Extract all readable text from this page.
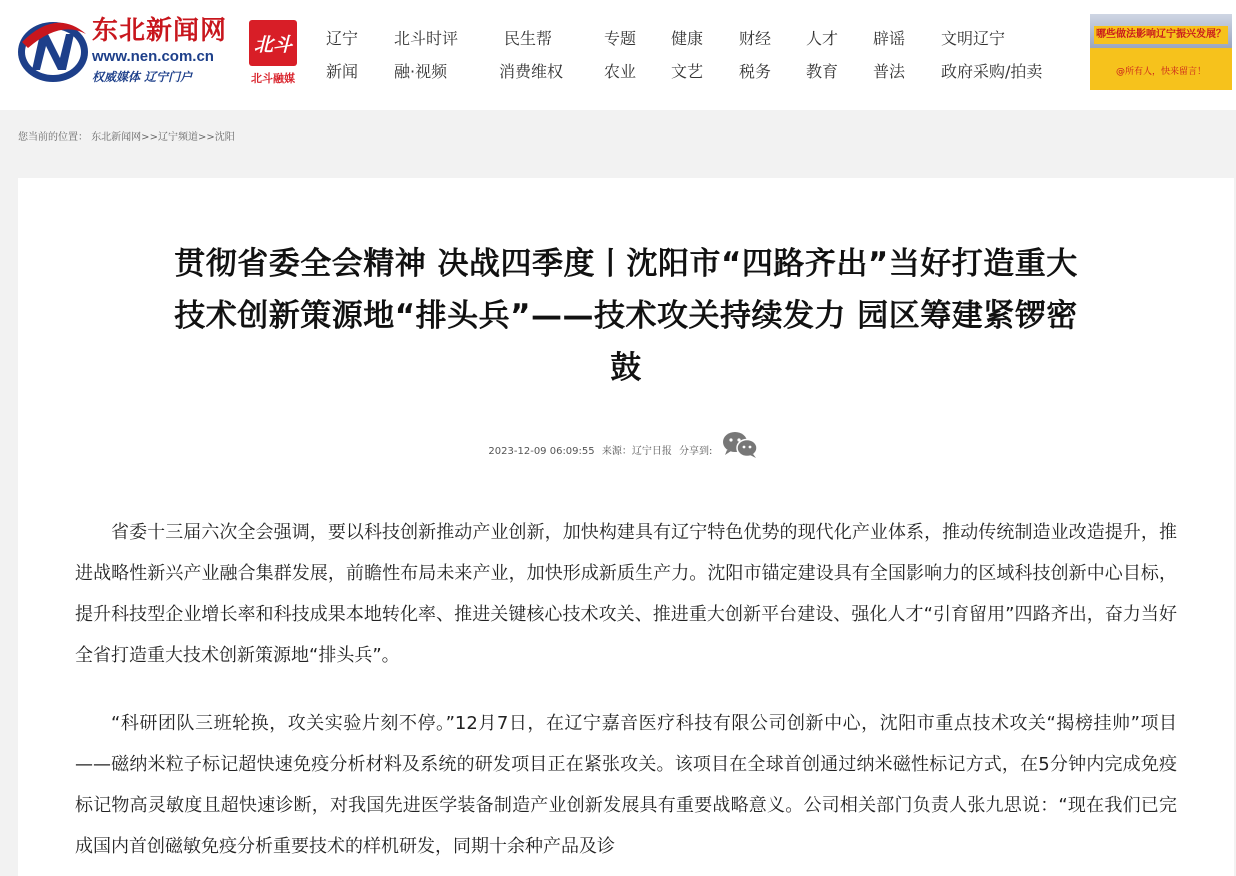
东北新闻网
www.nen.com.cn
权威媒体 辽宁门户
北斗
北斗融媒
辽宁 北斗时评	民生帮	专题 健康 财经 人才 辟谣 文明辽宁
新闻 融·视频	消费维权	农业 文艺 税务 教育 普法 政府采购/拍卖
哪些做法影响辽宁振兴发展？
@所有人，快来留言！
您当前的位置： 东北新闻网>>辽宁频道>>沈阳
贯彻省委全会精神 决战四季度丨沈阳市“四路齐出”当好打造重大
技术创新策源地“排头兵”——技术攻关持续发力 园区筹建紧锣密
鼓
2023-12-09 06:09:55 来源：辽宁日报 分享到:

省委十三届六次全会强调，要以科技创新推动产业创新，加快构建具有辽宁特色优势的现代化产业体系，推动传统制造业改造提升，推进战略性新兴产业融合集群发展，前瞻性布局未来产业，加快形成新质生产力。沈阳市锚定建设具有全国影响力的区域科技创新中心目标，提升科技型企业增长率和科技成果本地转化率、推进关键核心技术攻关、推进重大创新平台建设、强化人才“引育留用”四路齐出，奋力当好全省打造重大技术创新策源地“排头兵”。

“科研团队三班轮换，攻关实验片刻不停。”12月7日，在辽宁嘉音医疗科技有限公司创新中心，沈阳市重点技术攻关“揭榜挂帅”项目——磁纳米粒子标记超快速免疫分析材料及系统的研发项目正在紧张攻关。该项目在全球首创通过纳米磁性标记方式，在5分钟内完成免疫标记物高灵敏度且超快速诊断，对我国先进医学装备制造产业创新发展具有重要战略意义。公司相关部门负责人张九思说：“现在我们已完成国内首创磁敏免疫分析重要技术的样机研发，同期十余种产品及诊
